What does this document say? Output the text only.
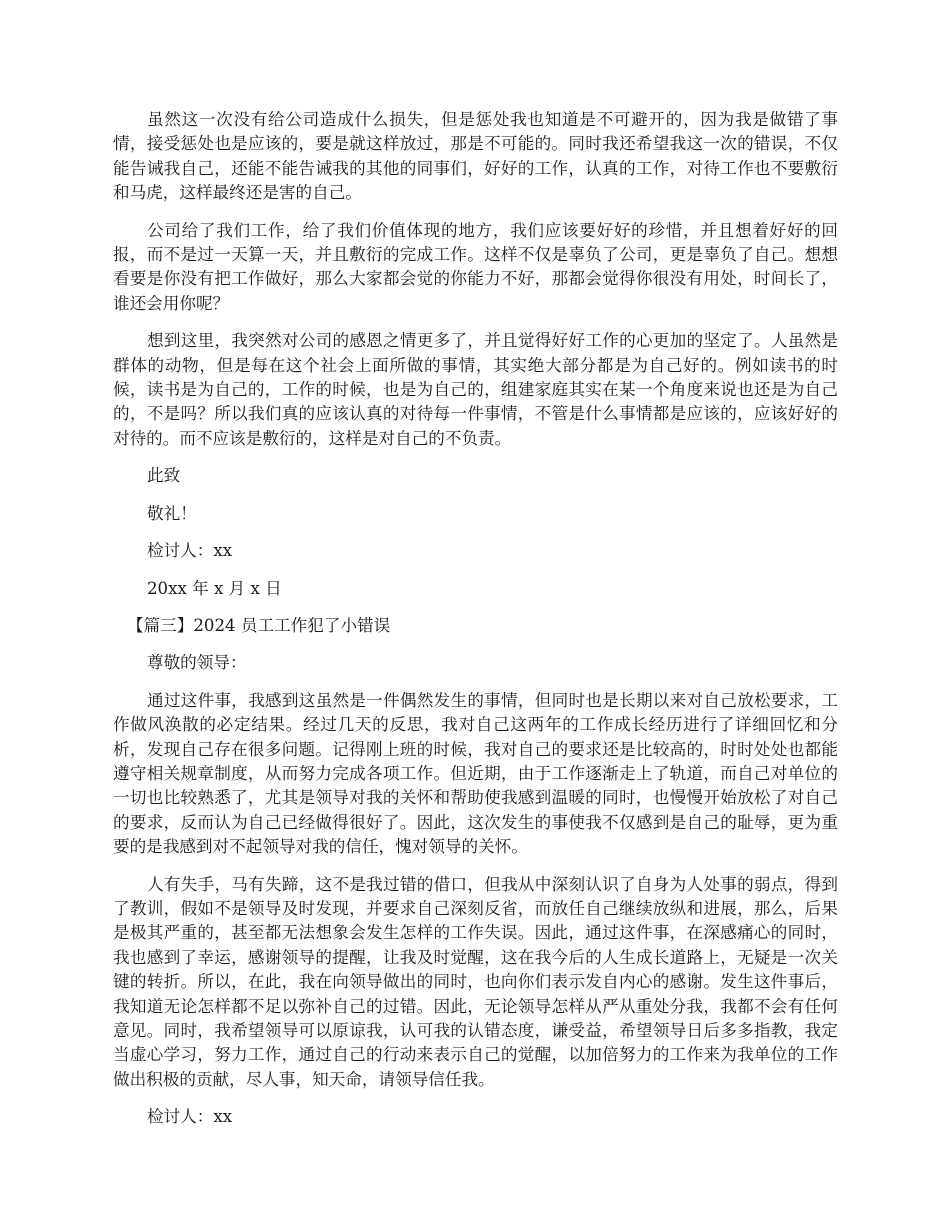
虽然这一次没有给公司造成什么损失，但是惩处我也知道是不可避开的，因为我是做错了事情，接受惩处也是应该的，要是就这样放过，那是不可能的。同时我还希望我这一次的错误，不仅能告诫我自己，还能不能告诫我的其他的同事们，好好的工作，认真的工作，对待工作也不要敷衍和马虎，这样最终还是害的自己。

公司给了我们工作，给了我们价值体现的地方，我们应该要好好的珍惜，并且想着好好的回报，而不是过一天算一天，并且敷衍的完成工作。这样不仅是辜负了公司，更是辜负了自己。想想看要是你没有把工作做好，那么大家都会觉的你能力不好，那都会觉得你很没有用处，时间长了，谁还会用你呢？

想到这里，我突然对公司的感恩之情更多了，并且觉得好好工作的心更加的坚定了。人虽然是群体的动物，但是每在这个社会上面所做的事情，其实绝大部分都是为自己好的。例如读书的时候，读书是为自己的，工作的时候，也是为自己的，组建家庭其实在某一个角度来说也还是为自己的，不是吗？所以我们真的应该认真的对待每一件事情，不管是什么事情都是应该的，应该好好的对待的。而不应该是敷衍的，这样是对自己的不负责。

此致

敬礼！

检讨人：xx

20xx 年 x 月 x 日

【篇三】2024 员工工作犯了小错误

尊敬的领导：

通过这件事，我感到这虽然是一件偶然发生的事情，但同时也是长期以来对自己放松要求，工作做风涣散的必定结果。经过几天的反思，我对自己这两年的工作成长经历进行了详细回忆和分析，发现自己存在很多问题。记得刚上班的时候，我对自己的要求还是比较高的，时时处处也都能遵守相关规章制度，从而努力完成各项工作。但近期，由于工作逐渐走上了轨道，而自己对单位的一切也比较熟悉了，尤其是领导对我的关怀和帮助使我感到温暖的同时，也慢慢开始放松了对自己的要求，反而认为自己已经做得很好了。因此，这次发生的事使我不仅感到是自己的耻辱，更为重要的是我感到对不起领导对我的信任，愧对领导的关怀。

人有失手，马有失蹄，这不是我过错的借口，但我从中深刻认识了自身为人处事的弱点，得到了教训，假如不是领导及时发现，并要求自己深刻反省，而放任自己继续放纵和进展，那么，后果是极其严重的，甚至都无法想象会发生怎样的工作失误。因此，通过这件事，在深感痛心的同时，我也感到了幸运，感谢领导的提醒，让我及时觉醒，这在我今后的人生成长道路上，无疑是一次关键的转折。所以，在此，我在向领导做出的同时，也向你们表示发自内心的感谢。发生这件事后，我知道无论怎样都不足以弥补自己的过错。因此，无论领导怎样从严从重处分我，我都不会有任何意见。同时，我希望领导可以原谅我，认可我的认错态度，谦受益，希望领导日后多多指教，我定当虚心学习，努力工作，通过自己的行动来表示自己的觉醒，以加倍努力的工作来为我单位的工作做出积极的贡献，尽人事，知天命，请领导信任我。

检讨人：xx
